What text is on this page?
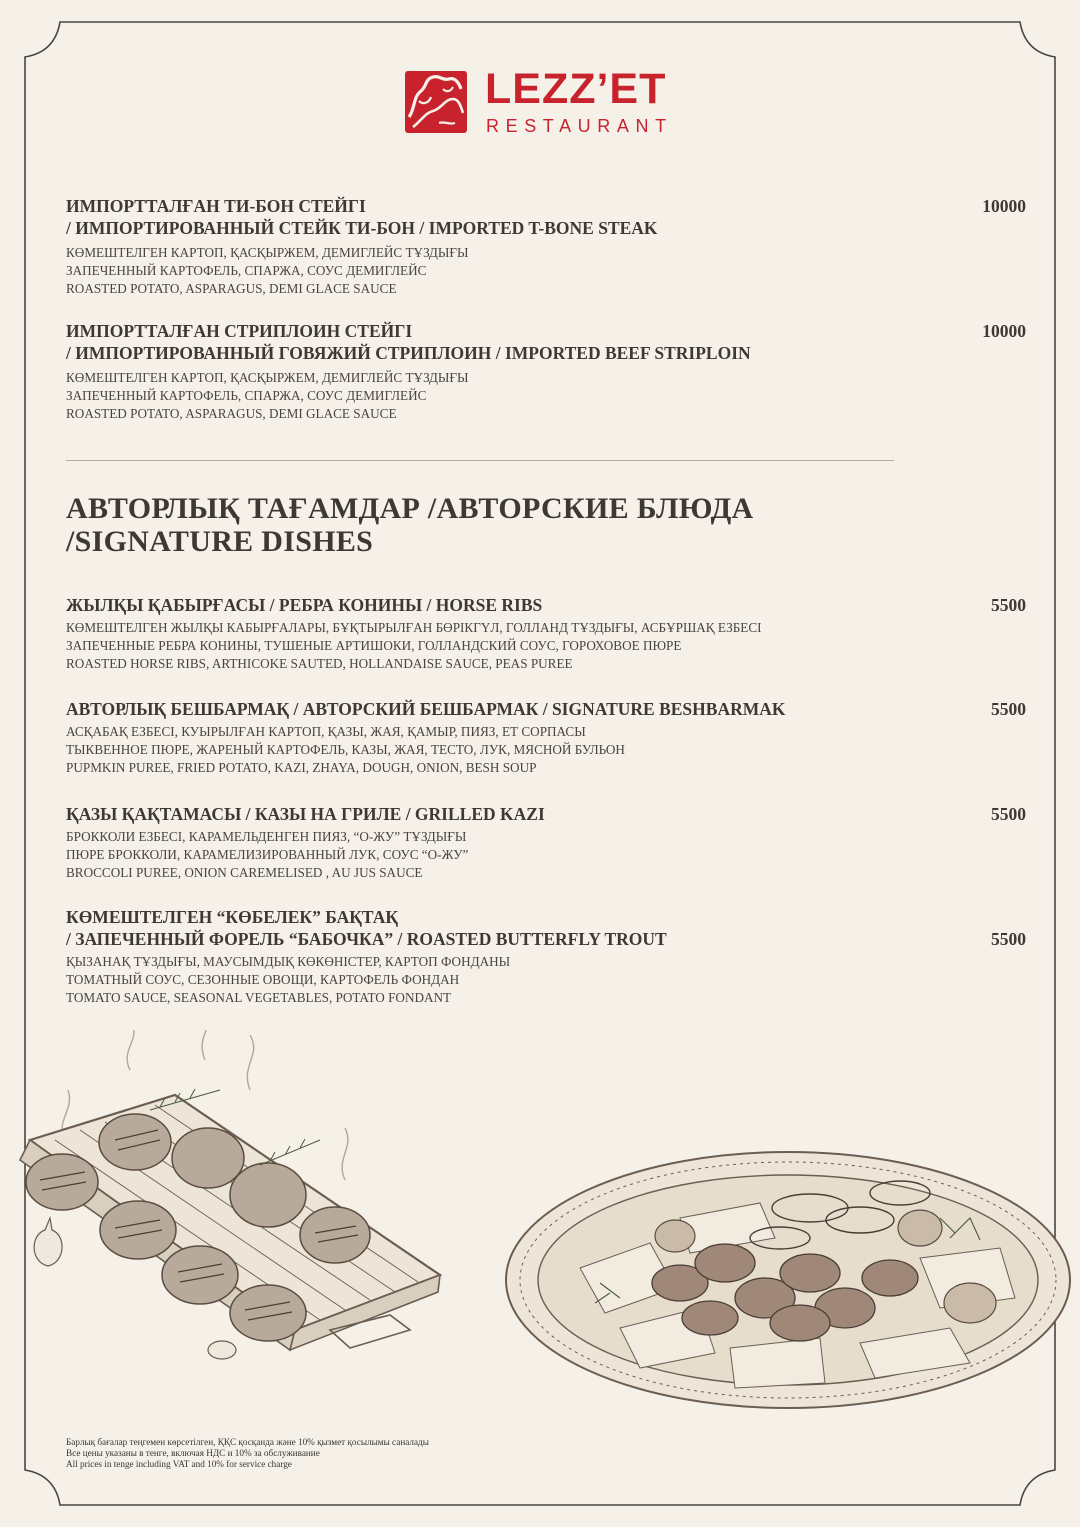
LEZZ’ET
RESTAURANT
10000
ИМПОРТТАЛҒАН ТИ-БОН СТЕЙГІ
/ ИМПОРТИРОВАННЫЙ СТЕЙК ТИ-БОН / IMPORTED T-BONE STEAK
КӨМЕШТЕЛГЕН КАРТОП, ҚАСҚЫРЖЕМ, ДЕМИГЛЕЙС ТҰЗДЫҒЫ
ЗАПЕЧЕННЫЙ КАРТОФЕЛЬ, СПАРЖА, СОУС ДЕМИГЛЕЙС
ROASTED POTATO, ASPARAGUS, DEMI GLACE SAUCE
10000
ИМПОРТТАЛҒАН СТРИПЛОИН СТЕЙГІ
/ ИМПОРТИРОВАННЫЙ ГОВЯЖИЙ СТРИПЛОИН / IMPORTED BEEF STRIPLOIN
КӨМЕШТЕЛГЕН КАРТОП, ҚАСҚЫРЖЕМ, ДЕМИГЛЕЙС ТҰЗДЫҒЫ
ЗАПЕЧЕННЫЙ КАРТОФЕЛЬ, СПАРЖА, СОУС ДЕМИГЛЕЙС
ROASTED POTATO, ASPARAGUS, DEMI GLACE SAUCE
АВТОРЛЫҚ ТАҒАМДАР /АВТОРСКИЕ БЛЮДА
/SIGNATURE DISHES
5500
ЖЫЛҚЫ ҚАБЫРҒАСЫ / РЕБРА КОНИНЫ / HORSE RIBS
КӨМЕШТЕЛГЕН ЖЫЛҚЫ КАБЫРҒАЛАРЫ, БҰҚТЫРЫЛҒАН БӨРІКГҮЛ, ГОЛЛАНД ТҰЗДЫҒЫ, АСБҰРШАҚ ЕЗБЕСІ
ЗАПЕЧЕННЫЕ РЕБРА КОНИНЫ, ТУШЕНЫЕ АРТИШОКИ, ГОЛЛАНДСКИЙ СОУС, ГОРОХОВОЕ ПЮРЕ
ROASTED HORSE RIBS, ARTHICOKE SAUTED, HOLLANDAISE SAUCE, PEAS PUREE
5500
АВТОРЛЫҚ БЕШБАРМАҚ / АВТОРСКИЙ БЕШБАРМАК / SIGNATURE BESHBARMAK
АСҚАБАҚ ЕЗБЕСІ, КУЫРЫЛҒАН КАРТОП, ҚАЗЫ, ЖАЯ, ҚАМЫР, ПИЯЗ, ЕТ СОРПАСЫ
ТЫКВЕННОЕ ПЮРЕ, ЖАРЕНЫЙ КАРТОФЕЛЬ, КАЗЫ, ЖАЯ, ТЕСТО, ЛУК, МЯСНОЙ БУЛЬОН
PUPMKIN PUREE, FRIED POTATO, KAZI, ZHAYA, DOUGH, ONION, BESH SOUP
5500
ҚАЗЫ ҚАҚТАМАСЫ / КАЗЫ НА ГРИЛЕ / GRILLED KAZI
БРОККОЛИ ЕЗБЕСІ, КАРАМЕЛЬДЕНГЕН ПИЯЗ, “О-ЖУ” ТҰЗДЫҒЫ
ПЮРЕ БРОККОЛИ, КАРАМЕЛИЗИРОВАННЫЙ ЛУК, СОУС “О-ЖУ”
BROCCOLI PUREE, ONION CAREMELISED , AU JUS SAUCE
5500
КӨМЕШТЕЛГЕН “КӨБЕЛЕК” БАҚТАҚ
/ ЗАПЕЧЕННЫЙ ФОРЕЛЬ “БАБОЧКА” / ROASTED BUTTERFLY TROUT
ҚЫЗАНАҚ ТҰЗДЫҒЫ, МАУСЫМДЫҚ КӨКӨНІСТЕР, КАРТОП ФОНДАНЫ
ТОМАТНЫЙ СОУС, СЕЗОННЫЕ ОВОЩИ, КАРТОФЕЛЬ ФОНДАН
TOMATO SAUCE, SEASONAL VEGETABLES, POTATO FONDANT
Барлық бағалар теңгемен көрсетілген, ҚҚС қосқанда және 10% қызмет қосылымы саналады
Все цены указаны в тенге, включая НДС и 10% за обслуживание
All prices in tenge including VAT and 10% for service charge
